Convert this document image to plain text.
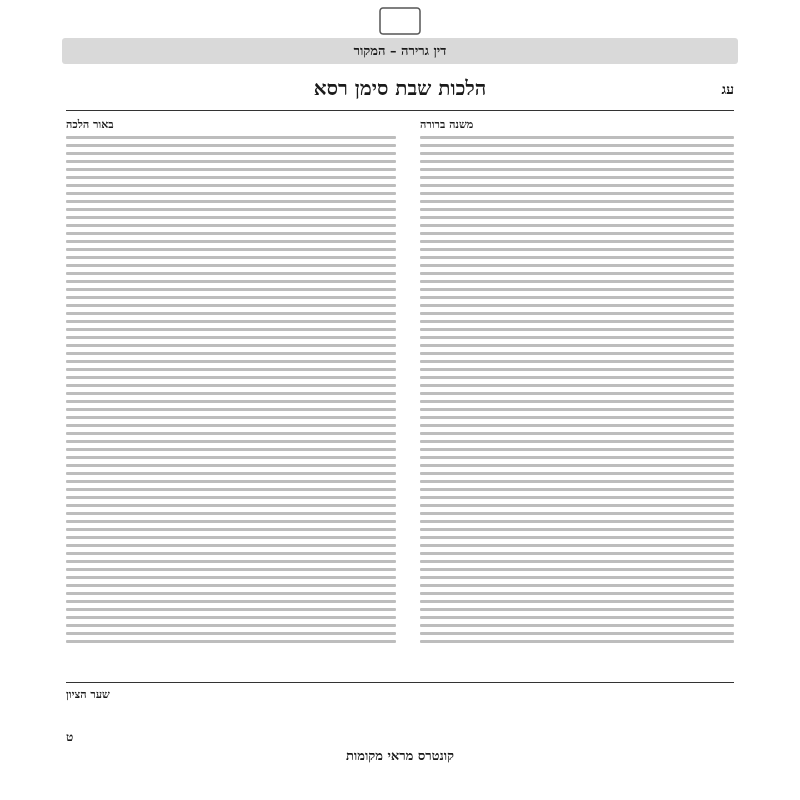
דין גרירה – המקור
עג
הלכות שבת סימן רסא
באור הלכה	משנה ברורה
שער הציון
ט
קונטרס מראי מקומות
